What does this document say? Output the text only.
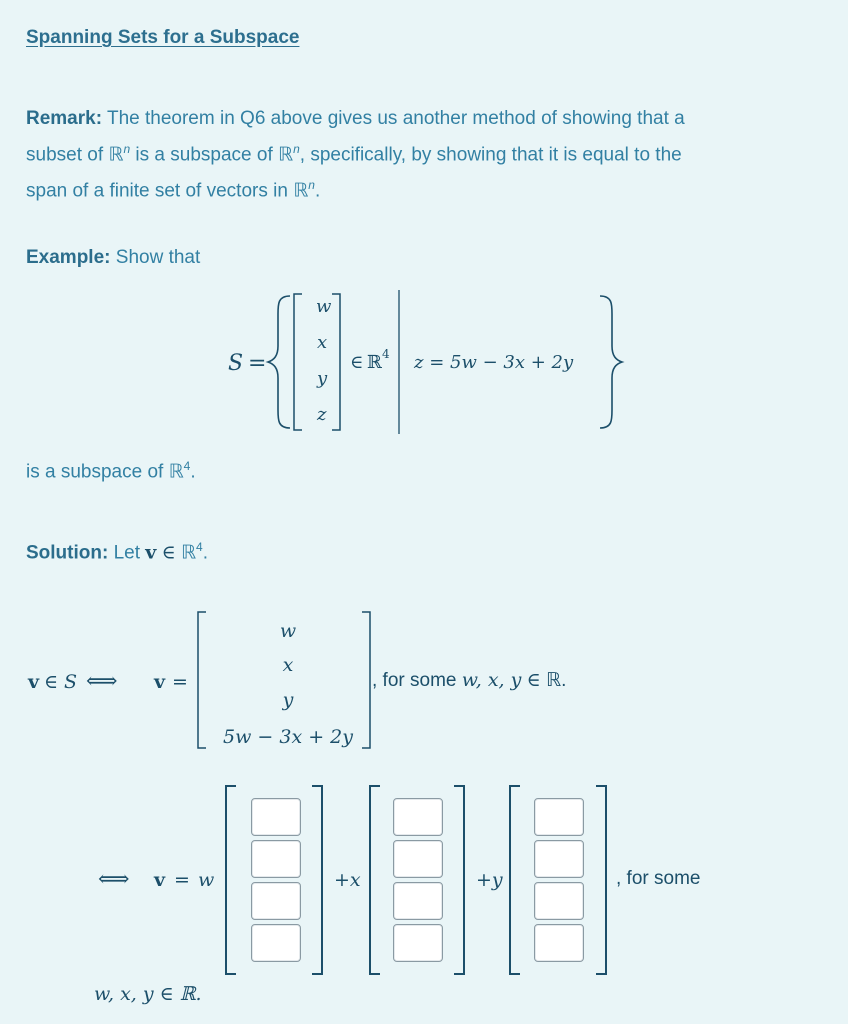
Spanning Sets for a Subspace
Remark: The theorem in Q6 above gives us another method of showing that a
subset of ℝ$^n$ is a subspace of ℝ$^n$, specifically, by showing that it is equal to the
span of a finite set of vectors in ℝ$^n$.
Example: Show that
S =
w
x
y
z
∈ ℝ 4 z = 5w − 3x + 2y
is a subspace of ℝ$^4$.
Solution: Let v ∈ ℝ$^4$.
v ∈ S ⟺ v =
w
x
y
5w − 3x + 2y
, for some w, x, y ∈ ℝ.
⟺ v = w	+x	+y	, for some
w, x, y ∈ ℝ.
